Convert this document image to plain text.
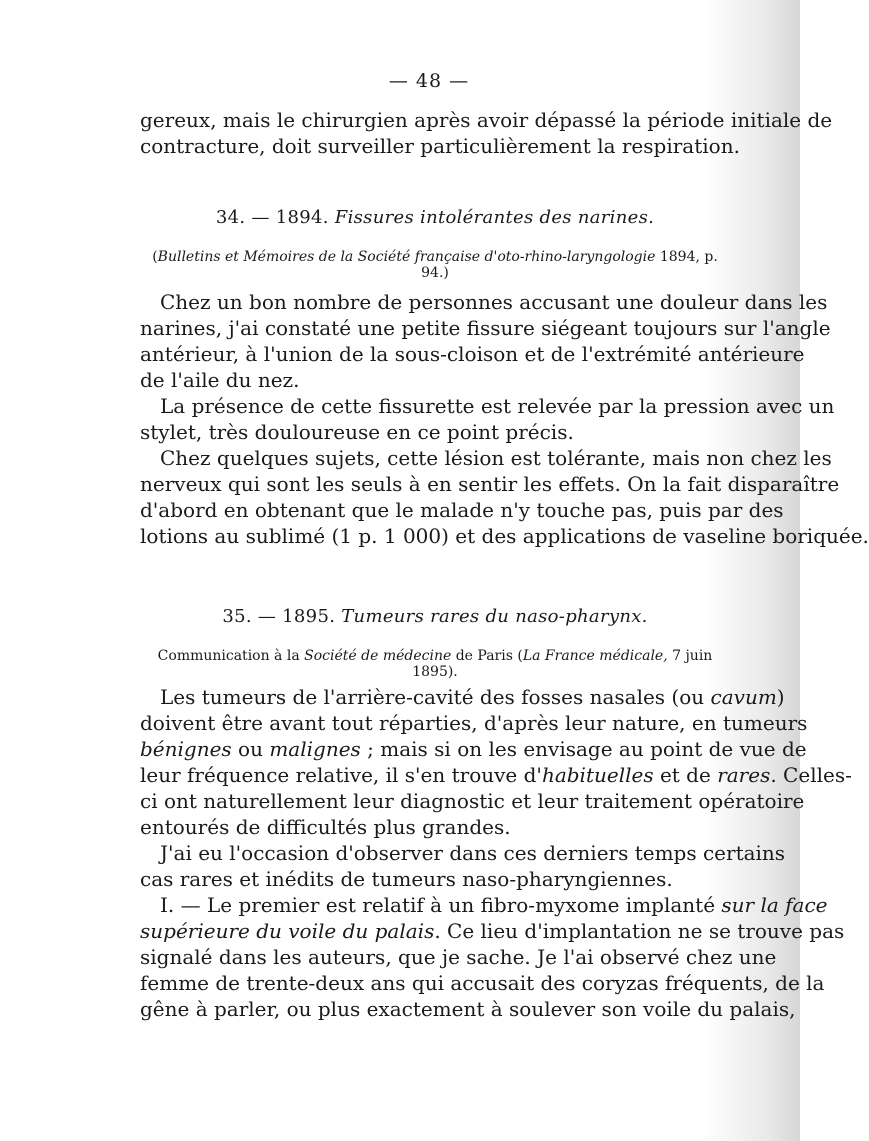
— 48 —
gereux, mais le chirurgien après avoir dépassé la période initiale de
contracture, doit surveiller particulièrement la respiration.
34. — 1894. Fissures intolérantes des narines.
(Bulletins et Mémoires de la Société française d'oto-rhino-laryngologie 1894, p. 94.)
Chez un bon nombre de personnes accusant une douleur dans les
narines, j'ai constaté une petite fissure siégeant toujours sur l'angle
antérieur, à l'union de la sous-cloison et de l'extrémité antérieure
de l'aile du nez.
La présence de cette fissurette est relevée par la pression avec un
stylet, très douloureuse en ce point précis.
Chez quelques sujets, cette lésion est tolérante, mais non chez les
nerveux qui sont les seuls à en sentir les effets. On la fait disparaître
d'abord en obtenant que le malade n'y touche pas, puis par des
lotions au sublimé (1 p. 1 000) et des applications de vaseline boriquée.
35. — 1895. Tumeurs rares du naso-pharynx.
Communication à la Société de médecine de Paris (La France médicale, 7 juin 1895).
Les tumeurs de l'arrière-cavité des fosses nasales (ou cavum)
doivent être avant tout réparties, d'après leur nature, en tumeurs
bénignes ou malignes ; mais si on les envisage au point de vue de
leur fréquence relative, il s'en trouve d'habituelles et de rares. Celles-
ci ont naturellement leur diagnostic et leur traitement opératoire
entourés de difficultés plus grandes.
J'ai eu l'occasion d'observer dans ces derniers temps certains
cas rares et inédits de tumeurs naso-pharyngiennes.
I. — Le premier est relatif à un fibro-myxome implanté sur la face
supérieure du voile du palais. Ce lieu d'implantation ne se trouve pas
signalé dans les auteurs, que je sache. Je l'ai observé chez une
femme de trente-deux ans qui accusait des coryzas fréquents, de la
gêne à parler, ou plus exactement à soulever son voile du palais,
